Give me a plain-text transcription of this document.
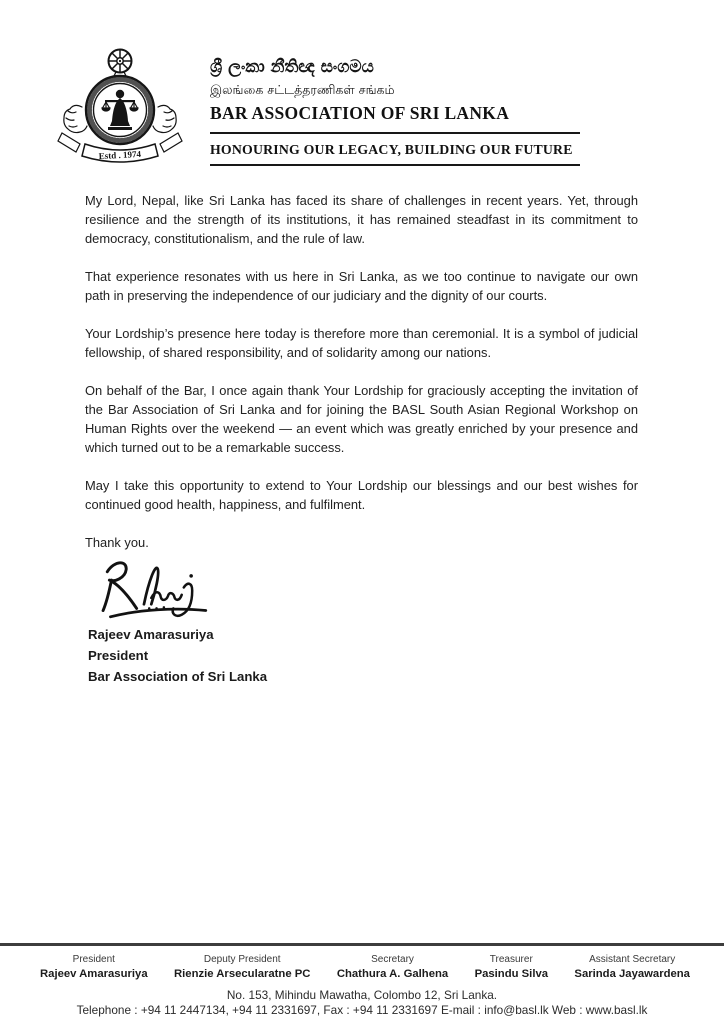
Estd . 1974
ශ්‍රී ලංකා නීතිඥ සංගමය
இலங்கை சட்டத்தரணிகள் சங்கம்
BAR ASSOCIATION OF SRI LANKA
HONOURING OUR LEGACY, BUILDING OUR FUTURE

My Lord, Nepal, like Sri Lanka has faced its share of challenges in recent years. Yet, through resilience and the strength of its institutions, it has remained steadfast in its commitment to democracy, constitutionalism, and the rule of law.

That experience resonates with us here in Sri Lanka, as we too continue to navigate our own path in preserving the independence of our judiciary and the dignity of our courts.

Your Lordship’s presence here today is therefore more than ceremonial. It is a symbol of judicial fellowship, of shared responsibility, and of solidarity among our nations.

On behalf of the Bar, I once again thank Your Lordship for graciously accepting the invitation of the Bar Association of Sri Lanka and for joining the BASL South Asian Regional Workshop on Human Rights over the weekend — an event which was greatly enriched by your presence and which turned out to be a remarkable success.

May I take this opportunity to extend to Your Lordship our blessings and our best wishes for continued good health, happiness, and fulfilment.

Thank you.

Rajeev Amarasuriya
President
Bar Association of Sri Lanka
President
Rajeev Amarasuriya
Deputy President
Rienzie Arsecularatne PC
Secretary
Chathura A. Galhena
Treasurer
Pasindu Silva
Assistant Secretary
Sarinda Jayawardena
No. 153, Mihindu Mawatha, Colombo 12, Sri Lanka.
Telephone : +94 11 2447134, +94 11 2331697, Fax : +94 11 2331697 E-mail : info@basl.lk Web : www.basl.lk
